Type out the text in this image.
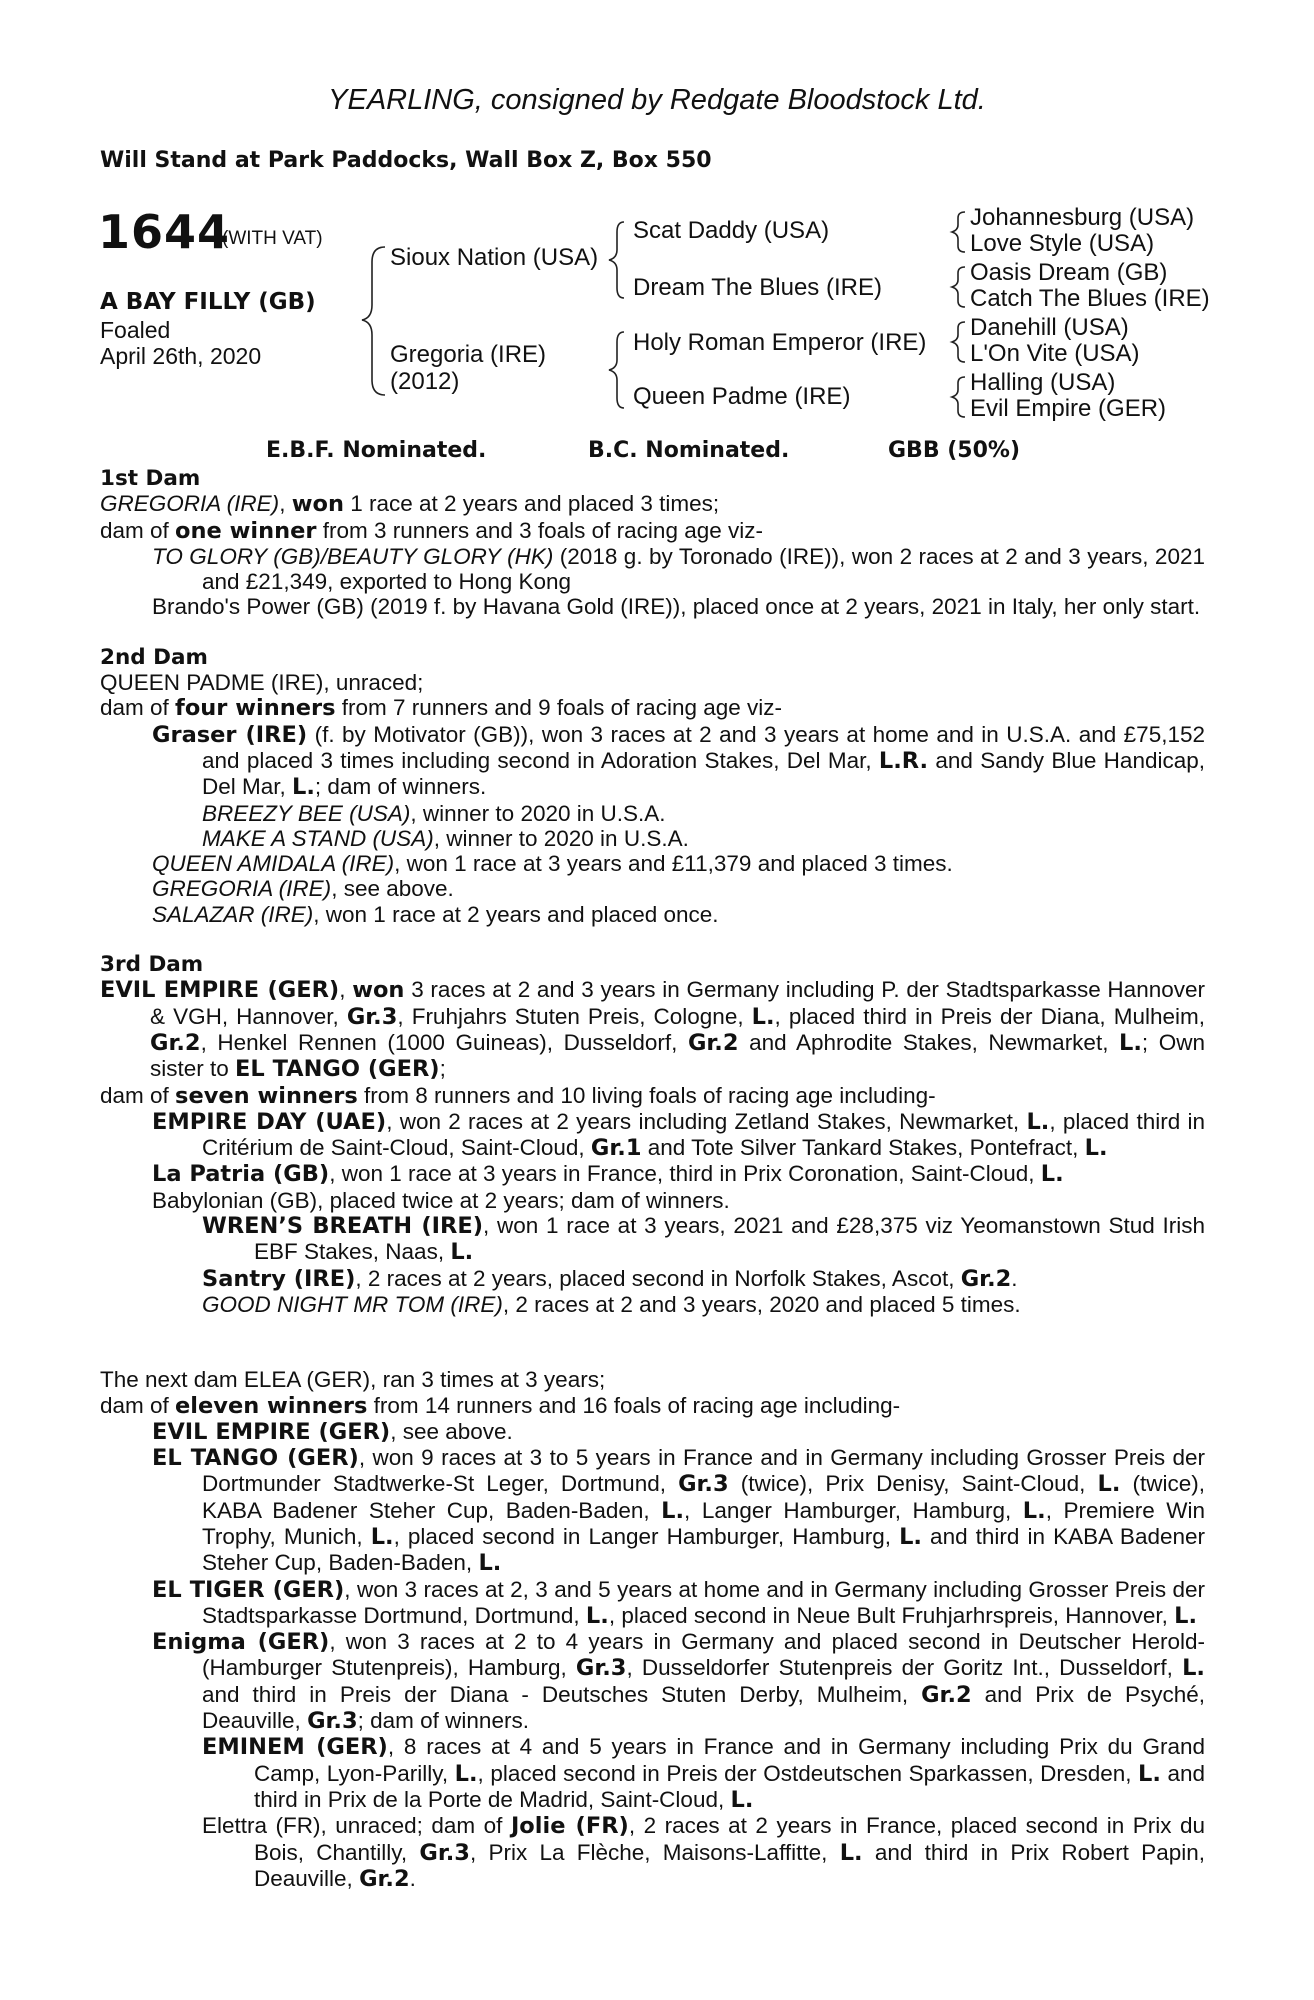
YEARLING, consigned by Redgate Bloodstock Ltd.
Will Stand at Park Paddocks, Wall Box Z, Box 550
1644
(WITH VAT)
A BAY FILLY (GB)
Foaled
April 26th, 2020
Sioux Nation (USA)
Gregoria (IRE)
(2012)
Scat Daddy (USA)
Dream The Blues (IRE)
Holy Roman Emperor (IRE)
Queen Padme (IRE)
Johannesburg (USA)
Love Style (USA)
Oasis Dream (GB)
Catch The Blues (IRE)
Danehill (USA)
L'On Vite (USA)
Halling (USA)
Evil Empire (GER)
E.B.F. Nominated.	B.C. Nominated.	GBB (50%)

1st Dam

GREGORIA (IRE), won 1 race at 2 years and placed 3 times;

dam of one winner from 3 runners and 3 foals of racing age viz-

TO GLORY (GB)/BEAUTY GLORY (HK) (2018 g. by Toronado (IRE)), won 2 races at 2 and 3 years, 2021 and £21,349, exported to Hong Kong

Brando's Power (GB) (2019 f. by Havana Gold (IRE)), placed once at 2 years, 2021 in Italy, her only start.

2nd Dam

QUEEN PADME (IRE), unraced;

dam of four winners from 7 runners and 9 foals of racing age viz-

Graser (IRE) (f. by Motivator (GB)), won 3 races at 2 and 3 years at home and in U.S.A. and £75,152 and placed 3 times including second in Adoration Stakes, Del Mar, L.R. and Sandy Blue Handicap, Del Mar, L.; dam of winners.

BREEZY BEE (USA), winner to 2020 in U.S.A.

MAKE A STAND (USA), winner to 2020 in U.S.A.

QUEEN AMIDALA (IRE), won 1 race at 3 years and £11,379 and placed 3 times.

GREGORIA (IRE), see above.

SALAZAR (IRE), won 1 race at 2 years and placed once.

3rd Dam

EVIL EMPIRE (GER), won 3 races at 2 and 3 years in Germany including P. der Stadtsparkasse Hannover & VGH, Hannover, Gr.3, Fruhjahrs Stuten Preis, Cologne, L., placed third in Preis der Diana, Mulheim, Gr.2, Henkel Rennen (1000 Guineas), Dusseldorf, Gr.2 and Aphrodite Stakes, Newmarket, L.; Own sister to EL TANGO (GER);

dam of seven winners from 8 runners and 10 living foals of racing age including-

EMPIRE DAY (UAE), won 2 races at 2 years including Zetland Stakes, Newmarket, L., placed third in Critérium de Saint-Cloud, Saint-Cloud, Gr.1 and Tote Silver Tankard Stakes, Pontefract, L.

La Patria (GB), won 1 race at 3 years in France, third in Prix Coronation, Saint-Cloud, L.

Babylonian (GB), placed twice at 2 years; dam of winners.

WREN’S BREATH (IRE), won 1 race at 3 years, 2021 and £28,375 viz Yeomanstown Stud Irish EBF Stakes, Naas, L.

Santry (IRE), 2 races at 2 years, placed second in Norfolk Stakes, Ascot, Gr.2.

GOOD NIGHT MR TOM (IRE), 2 races at 2 and 3 years, 2020 and placed 5 times.

The next dam ELEA (GER), ran 3 times at 3 years;

dam of eleven winners from 14 runners and 16 foals of racing age including-

EVIL EMPIRE (GER), see above.

EL TANGO (GER), won 9 races at 3 to 5 years in France and in Germany including Grosser Preis der Dortmunder Stadtwerke-St Leger, Dortmund, Gr.3 (twice), Prix Denisy, Saint-Cloud, L. (twice), KABA Badener Steher Cup, Baden-Baden, L., Langer Hamburger, Hamburg, L., Premiere Win Trophy, Munich, L., placed second in Langer Hamburger, Hamburg, L. and third in KABA Badener Steher Cup, Baden-Baden, L.

EL TIGER (GER), won 3 races at 2, 3 and 5 years at home and in Germany including Grosser Preis der Stadtsparkasse Dortmund, Dortmund, L., placed second in Neue Bult Fruhjarhrspreis, Hannover, L.

Enigma (GER), won 3 races at 2 to 4 years in Germany and placed second in Deutscher Herold-(Hamburger Stutenpreis), Hamburg, Gr.3, Dusseldorfer Stutenpreis der Goritz Int., Dusseldorf, L. and third in Preis der Diana - Deutsches Stuten Derby, Mulheim, Gr.2 and Prix de Psyché, Deauville, Gr.3; dam of winners.

EMINEM (GER), 8 races at 4 and 5 years in France and in Germany including Prix du Grand Camp, Lyon-Parilly, L., placed second in Preis der Ostdeutschen Sparkassen, Dresden, L. and third in Prix de la Porte de Madrid, Saint-Cloud, L.

Elettra (FR), unraced; dam of Jolie (FR), 2 races at 2 years in France, placed second in Prix du Bois, Chantilly, Gr.3, Prix La Flèche, Maisons-Laffitte, L. and third in Prix Robert Papin, Deauville, Gr.2.
